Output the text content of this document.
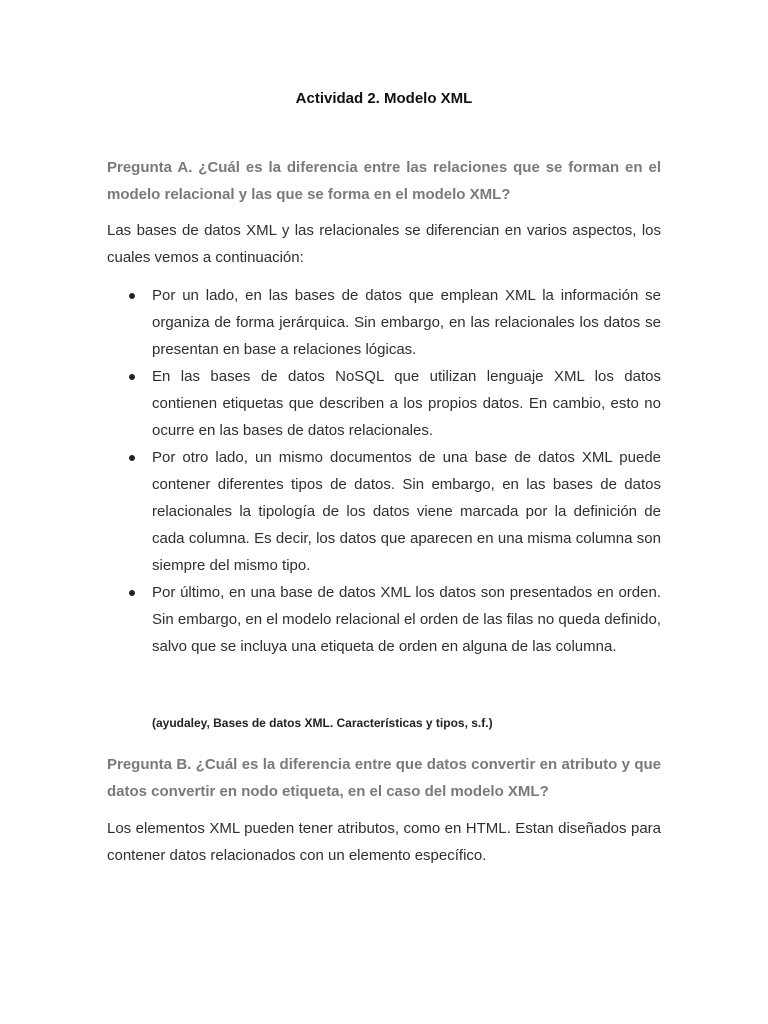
Actividad 2. Modelo XML

Pregunta A. ¿Cuál es la diferencia entre las relaciones que se forman en el modelo relacional y las que se forma en el modelo XML?

Las bases de datos XML y las relacionales se diferencian en varios aspectos, los cuales vemos a continuación:

Por un lado, en las bases de datos que emplean XML la información se organiza de forma jerárquica. Sin embargo, en las relacionales los datos se presentan en base a relaciones lógicas.
En las bases de datos NoSQL que utilizan lenguaje XML los datos contienen etiquetas que describen a los propios datos. En cambio, esto no ocurre en las bases de datos relacionales.
Por otro lado, un mismo documentos de una base de datos XML puede contener diferentes tipos de datos. Sin embargo, en las bases de datos relacionales la tipología de los datos viene marcada por la definición de cada columna. Es decir, los datos que aparecen en una misma columna son siempre del mismo tipo.
Por último, en una base de datos XML los datos son presentados en orden. Sin embargo, en el modelo relacional el orden de las filas no queda definido, salvo que se incluya una etiqueta de orden en alguna de las columna.
(ayudaley, Bases de datos XML. Características y tipos, s.f.)

Pregunta B. ¿Cuál es la diferencia entre que datos convertir en atributo y que datos convertir en nodo etiqueta, en el caso del modelo XML?

Los elementos XML pueden tener atributos, como en HTML. Estan diseñados para contener datos relacionados con un elemento específico.
